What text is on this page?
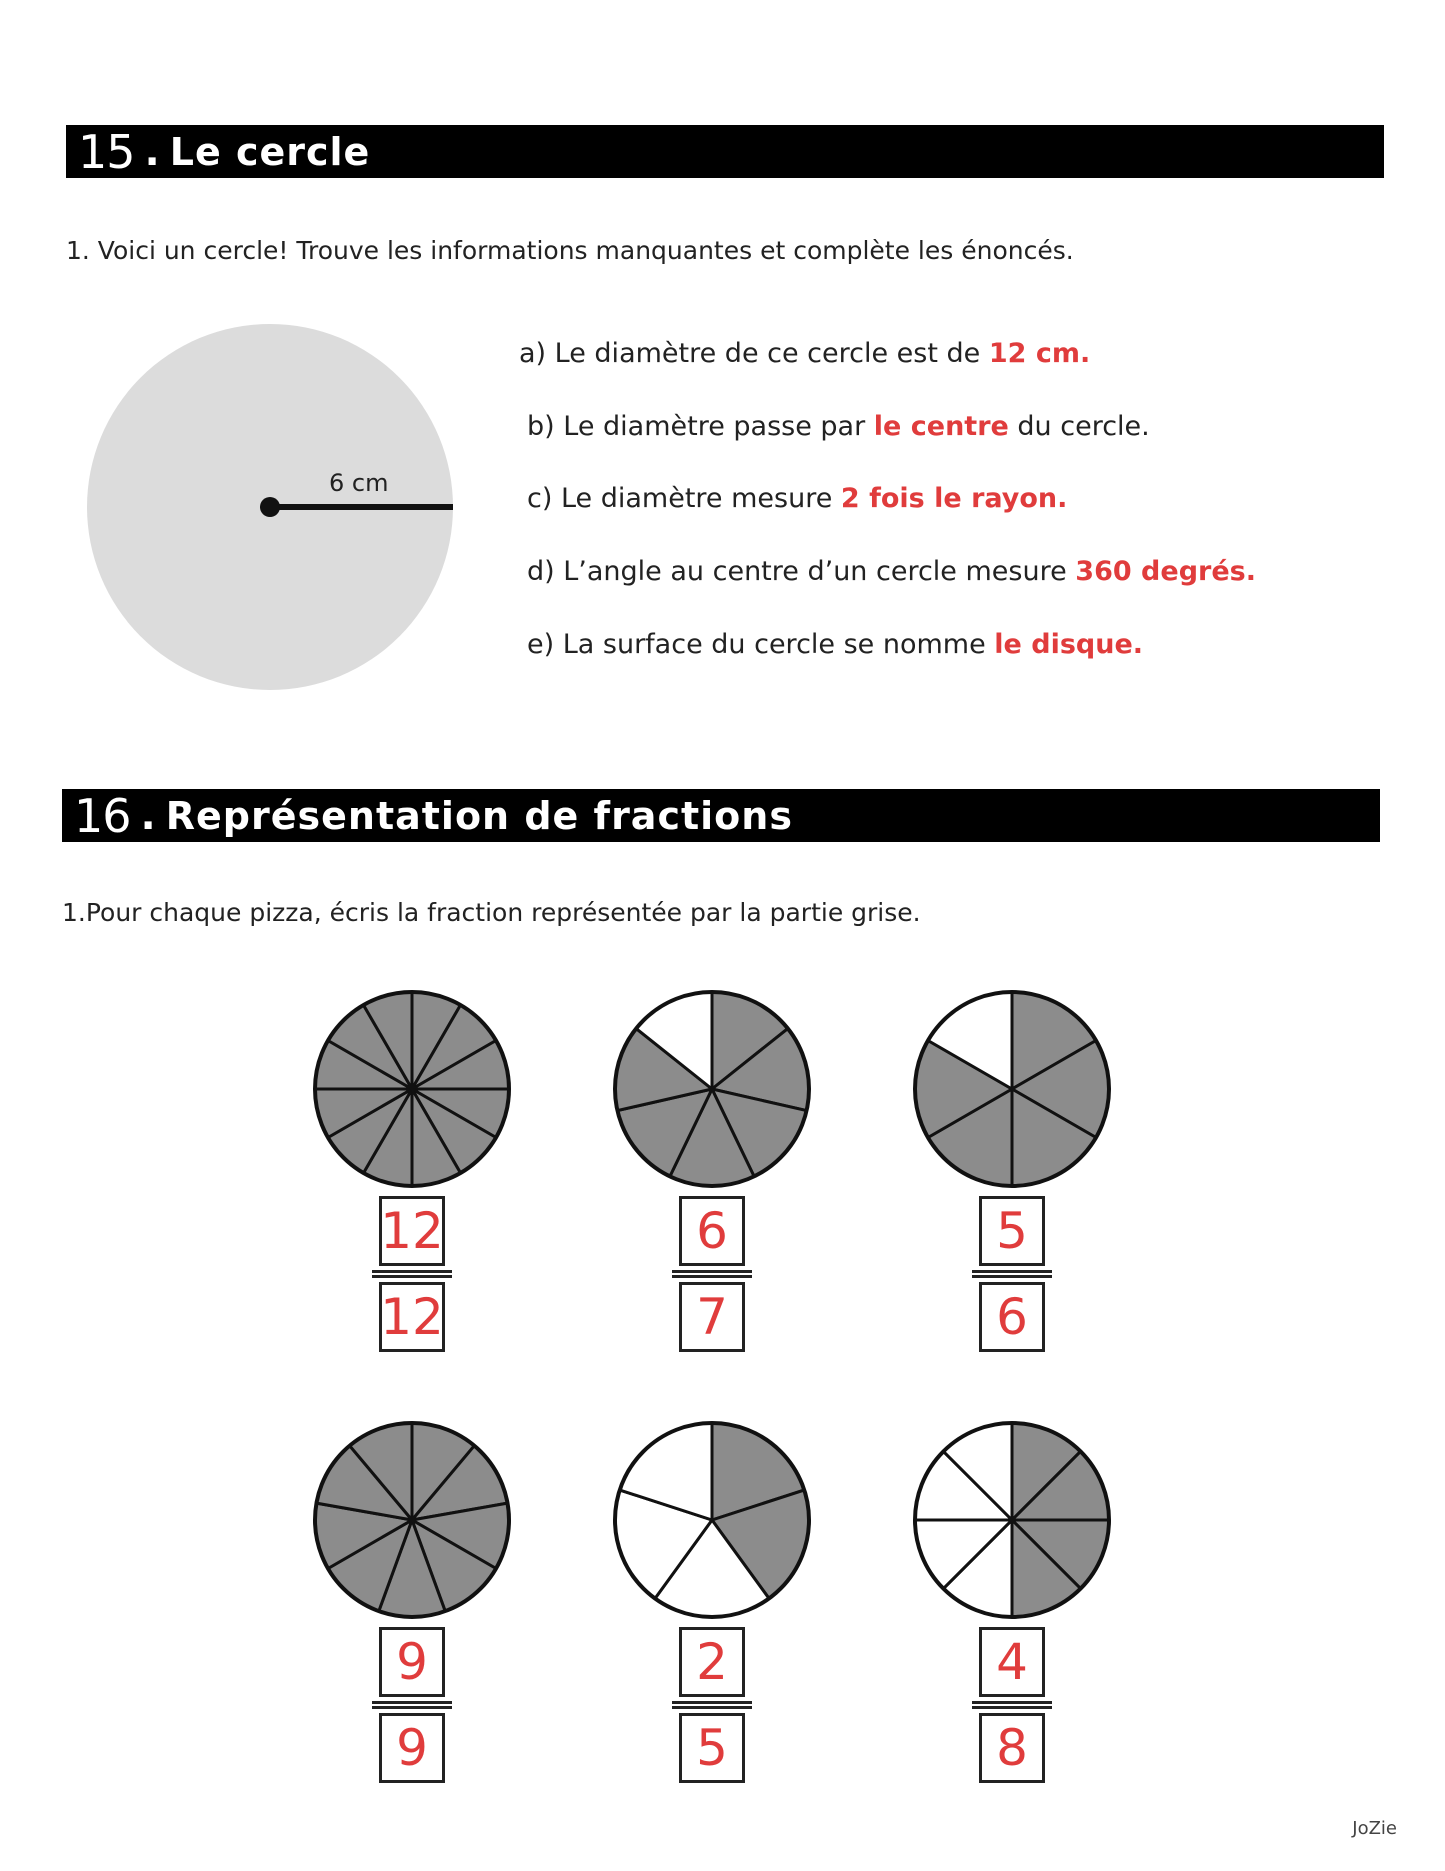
15 . Le cercle
1. Voici un cercle! Trouve les informations manquantes et complète les énoncés.
6 cm
a) Le diamètre de ce cercle est de 12 cm.
b) Le diamètre passe par le centre du cercle.
c) Le diamètre mesure 2 fois le rayon.
d) L’angle au centre d’un cercle mesure 360 degrés.
e) La surface du cercle se nomme le disque.
16 . Représentation de fractions
1.Pour chaque pizza, écris la fraction représentée par la partie grise.
12
12
6
7
5
6
9
9
2
5
4
8
JoZie
